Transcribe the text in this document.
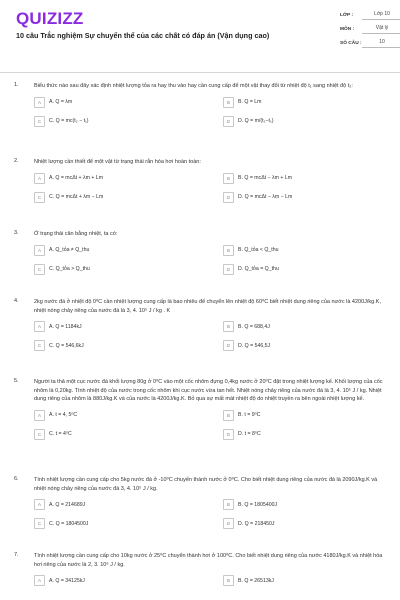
QUIZIZZ
10 câu Trắc nghiệm Sự chuyển thể của các chất có đáp án (Vận dụng cao)
LỚP :	Lớp 10
MÔN :	Vật lý
SỐ CÂU :	10
1.	Biểu thức nào sau đây xác định nhiệt lượng tỏa ra hay thu vào hay cần cung cấp để một vật thay đổi từ nhiệt độ t₁ sang nhiệt độ t₂:
A	A. Q = λm	B	B. Q = Lm
C	C. Q = mc(t₂ − t₁)	D	D. Q = m/(t₂−t₁)
2.	Nhiệt lượng cần thiết để một vật từ trạng thái rắn hóa hơi hoàn toàn:
A	A. Q = mcΔt + λm + Lm	B	B. Q = mcΔt − λm + Lm
C	C. Q = mcΔt + λm − Lm	D	D. Q = mcΔt − λm − Lm
3.	Ở trạng thái cân bằng nhiệt, ta có:
A	A. Q_tỏa ≠ Q_thu	B	B. Q_tỏa < Q_thu
C	C. Q_tỏa > Q_thu	D	D. Q_tỏa = Q_thu
4.	2kg nước đá ở nhiệt độ 0⁰C cần nhiệt lượng cung cấp là bao nhiêu để chuyển lên nhiệt độ 60⁰C biết nhiệt dung riêng của nước là 4200J/kg.K, nhiệt nóng chảy riêng của nước đá là 3, 4. 10⁵ J / kg . K
A	A. Q = 1184kJ	B	B. Q = 688,4J
C	C. Q = 546,6kJ	D	D. Q = 546,5J
5.	Người ta thả một cục nước đá khối lượng 80g ở 0⁰C vào một cốc nhôm đựng 0,4kg nước ở 20⁰C đặt trong nhiệt lượng kế. Khối lượng của cốc nhôm là 0,20kg. Tính nhiệt độ của nước trong cốc nhôm khi cục nước vừa tan hết. Nhiệt nóng chảy riêng của nước đá là 3, 4. 10⁵ J / kg. Nhiệt dung riêng của nhôm là 880J/kg.K và của nước là 4200J/kg.K. Bỏ qua sự mất mát nhiệt độ do nhiệt truyền ra bên ngoài nhiệt lượng kế.
A	A. t = 4, 5⁰C	B	B. t = 9⁰C
C	C. t = 4⁰C	D	D. t = 8⁰C
6.	Tính nhiệt lượng cần cung cấp cho 5kg nước đá ở -10⁰C chuyển thành nước ở 0⁰C. Cho biết nhiệt dung riêng của nước đá là 2090J/kg.K và nhiệt nóng chảy riêng của nước đá 3, 4. 10⁵ J / kg.
A	A. Q = 214689J	B	B. Q = 1805400J
C	C. Q = 1804500J	D	D. Q = 218450J
7.	Tính nhiệt lượng cần cung cấp cho 10kg nước ở 25⁰C chuyển thành hơi ở 100⁰C. Cho biết nhiệt dung riêng của nước 4180J/kg.K và nhiệt hóa hơi riêng của nước là 2, 3. 10⁶ J / kg.
A	A. Q = 34125kJ	B	B. Q = 26513kJ
